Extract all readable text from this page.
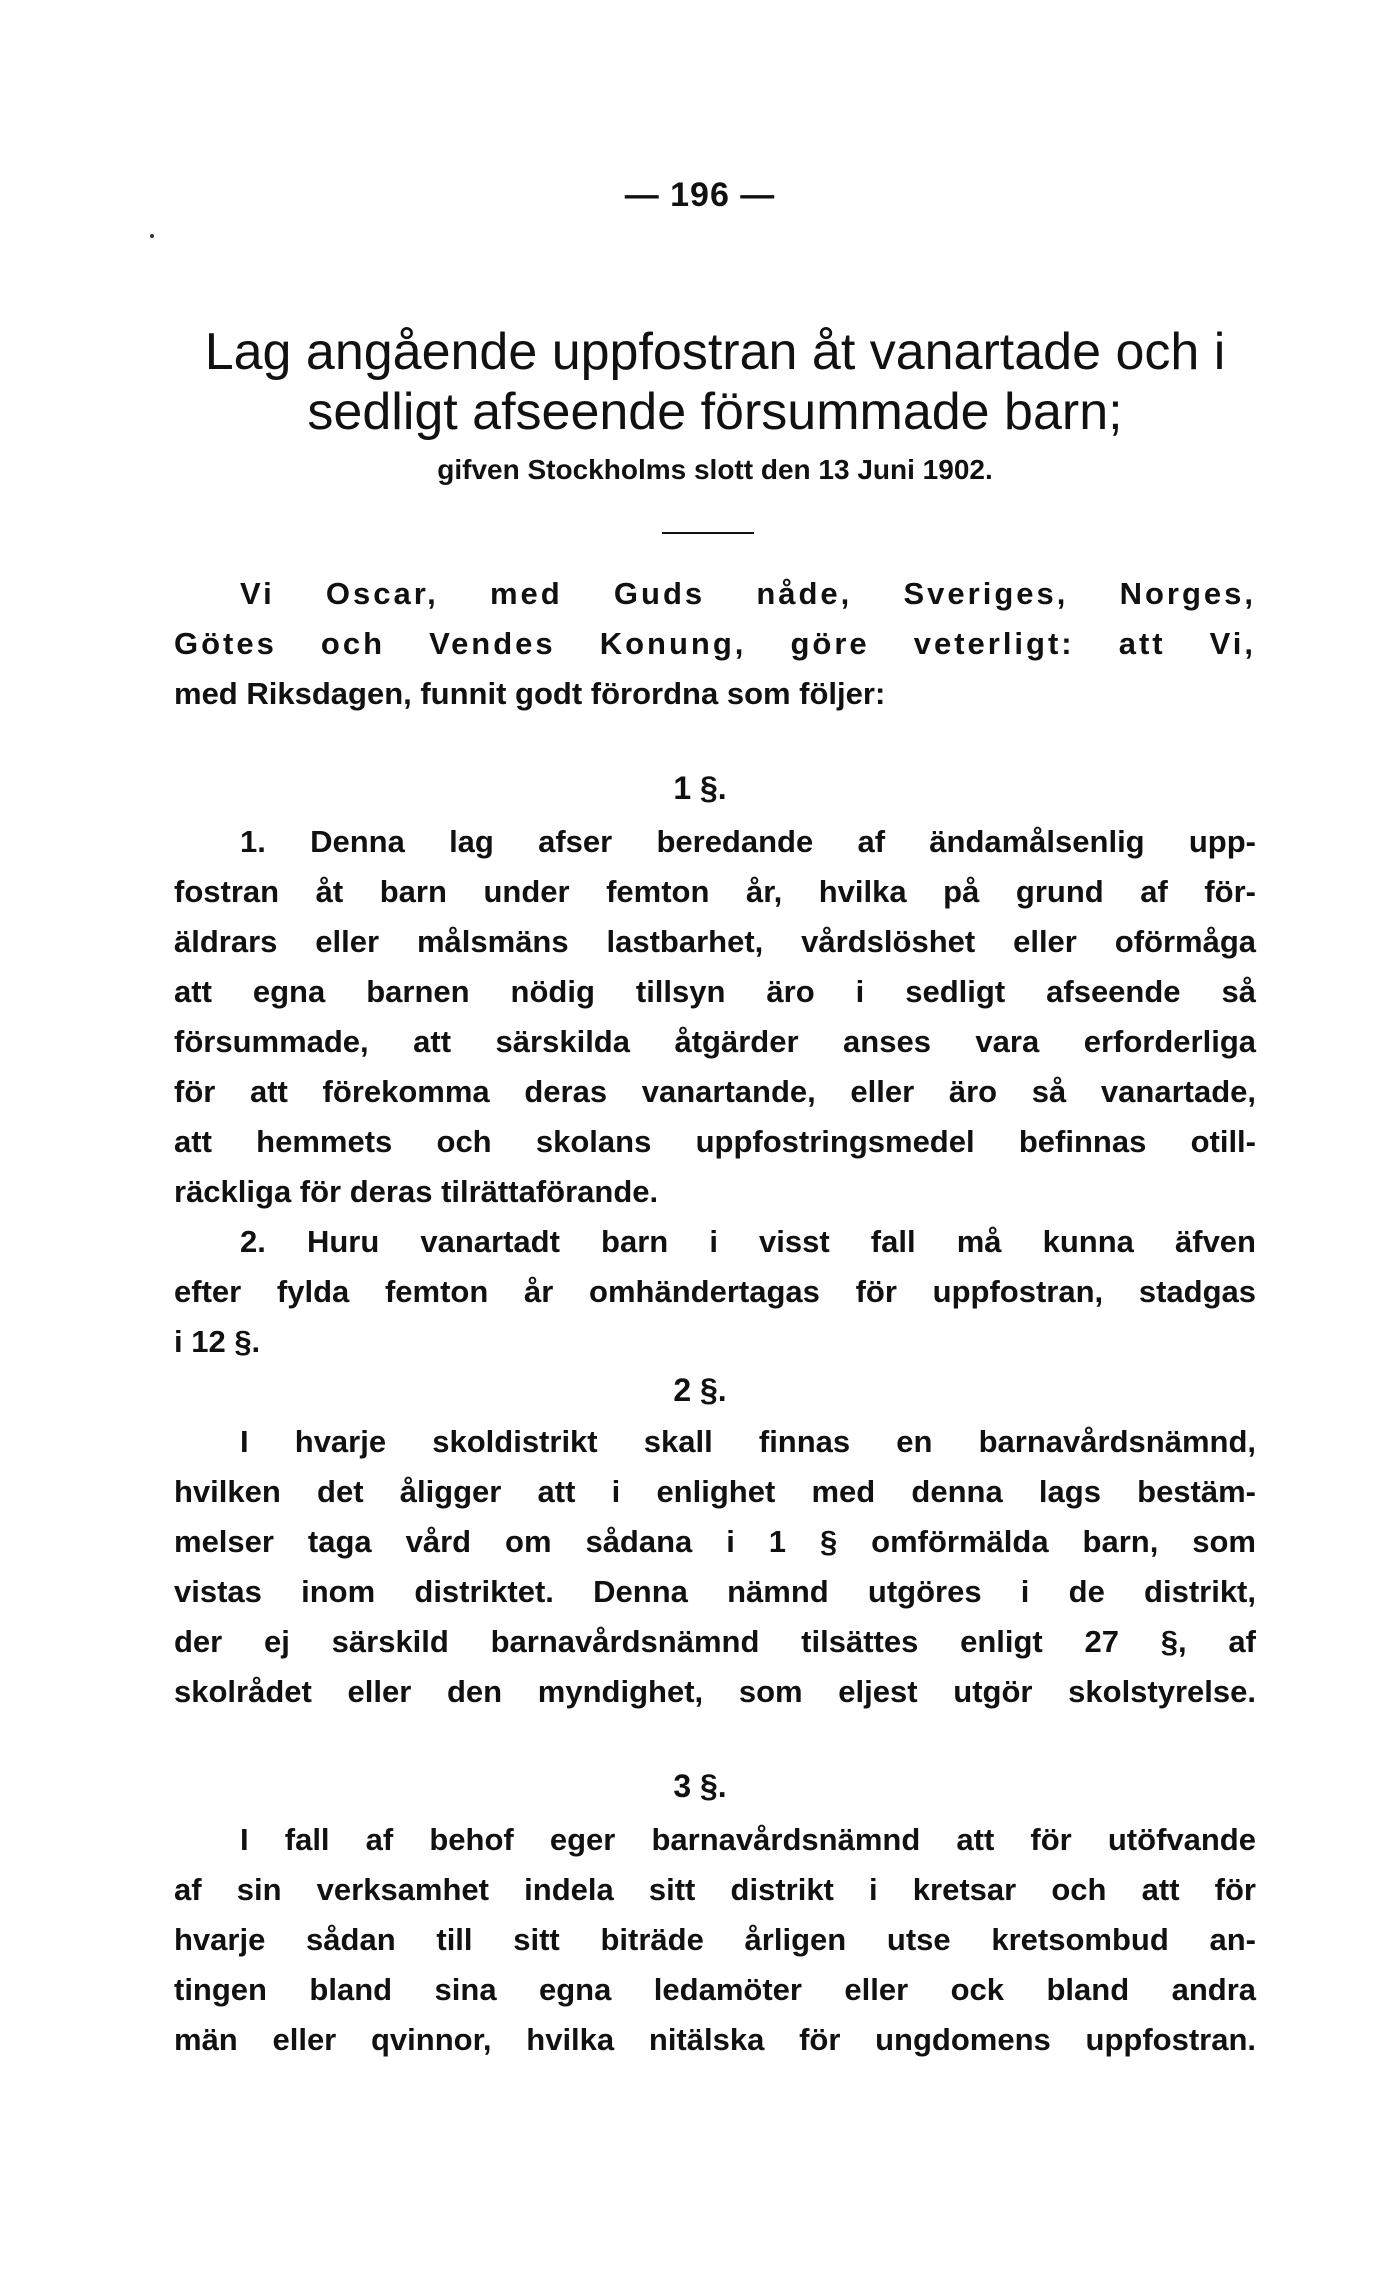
— 196 —
Lag angående uppfostran åt vanartade och i
sedligt afseende försummade barn;
gifven Stockholms slott den 13 Juni 1902.
Vi Oscar, med Guds nåde, Sveriges, Norges,
Götes och Vendes Konung, göre veterligt: att Vi,
med Riksdagen, funnit godt förordna som följer:
1 §.
1. Denna lag afser beredande af ändamålsenlig upp-
fostran åt barn under femton år, hvilka på grund af för-
äldrars eller målsmäns lastbarhet, vårdslöshet eller oförmåga
att egna barnen nödig tillsyn äro i sedligt afseende så
försummade, att särskilda åtgärder anses vara erforderliga
för att förekomma deras vanartande, eller äro så vanartade,
att hemmets och skolans uppfostringsmedel befinnas otill-
räckliga för deras tilrättaförande.
2. Huru vanartadt barn i visst fall må kunna äfven
efter fylda femton år omhändertagas för uppfostran, stadgas
i 12 §.
2 §.
I hvarje skoldistrikt skall finnas en barnavårdsnämnd,
hvilken det åligger att i enlighet med denna lags bestäm-
melser taga vård om sådana i 1 § omförmälda barn, som
vistas inom distriktet. Denna nämnd utgöres i de distrikt,
der ej särskild barnavårdsnämnd tilsättes enligt 27 §, af
skolrådet eller den myndighet, som eljest utgör skolstyrelse.
3 §.
I fall af behof eger barnavårdsnämnd att för utöfvande
af sin verksamhet indela sitt distrikt i kretsar och att för
hvarje sådan till sitt biträde årligen utse kretsombud an-
tingen bland sina egna ledamöter eller ock bland andra
män eller qvinnor, hvilka nitälska för ungdomens uppfostran.
